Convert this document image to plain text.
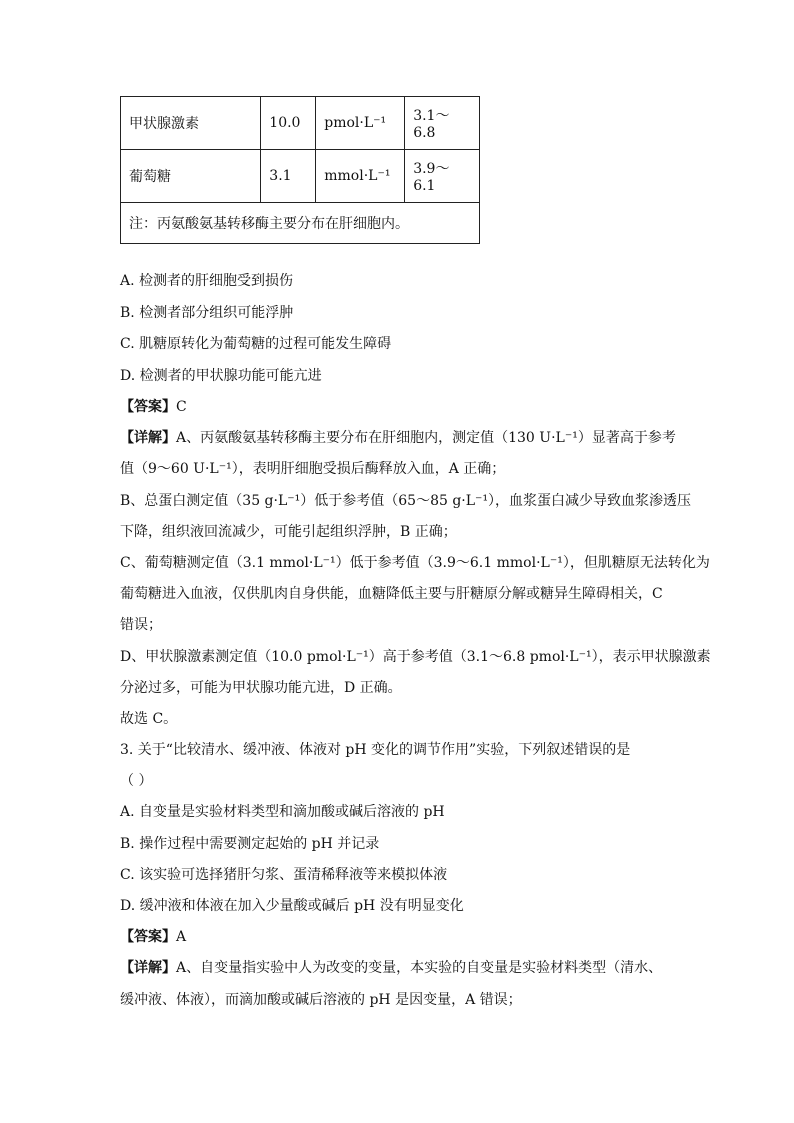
甲状腺激素	10.0	pmol·L⁻¹	3.1～6.8
葡萄糖	3.1	mmol·L⁻¹	3.9～6.1
注：丙氨酸氨基转移酶主要分布在肝细胞内。			
A. 检测者的肝细胞受到损伤
B. 检测者部分组织可能浮肿
C. 肌糖原转化为葡萄糖的过程可能发生障碍
D. 检测者的甲状腺功能可能亢进
【答案】C
【详解】A、丙氨酸氨基转移酶主要分布在肝细胞内，测定值（130 U·L⁻¹）显著高于参考
值（9～60 U·L⁻¹），表明肝细胞受损后酶释放入血，A 正确；
B、总蛋白测定值（35 g·L⁻¹）低于参考值（65～85 g·L⁻¹），血浆蛋白减少导致血浆渗透压
下降，组织液回流减少，可能引起组织浮肿，B 正确；
C、葡萄糖测定值（3.1 mmol·L⁻¹）低于参考值（3.9～6.1 mmol·L⁻¹），但肌糖原无法转化为
葡萄糖进入血液，仅供肌肉自身供能，血糖降低主要与肝糖原分解或糖异生障碍相关，C
错误；
D、甲状腺激素测定值（10.0 pmol·L⁻¹）高于参考值（3.1～6.8 pmol·L⁻¹），表示甲状腺激素
分泌过多，可能为甲状腺功能亢进，D 正确。
故选 C。
3. 关于“比较清水、缓冲液、体液对 pH 变化的调节作用”实验，下列叙述错误的是
（ ）
A. 自变量是实验材料类型和滴加酸或碱后溶液的 pH
B. 操作过程中需要测定起始的 pH 并记录
C. 该实验可选择猪肝匀浆、蛋清稀释液等来模拟体液
D. 缓冲液和体液在加入少量酸或碱后 pH 没有明显变化
【答案】A
【详解】A、自变量指实验中人为改变的变量，本实验的自变量是实验材料类型（清水、
缓冲液、体液），而滴加酸或碱后溶液的 pH 是因变量，A 错误；
